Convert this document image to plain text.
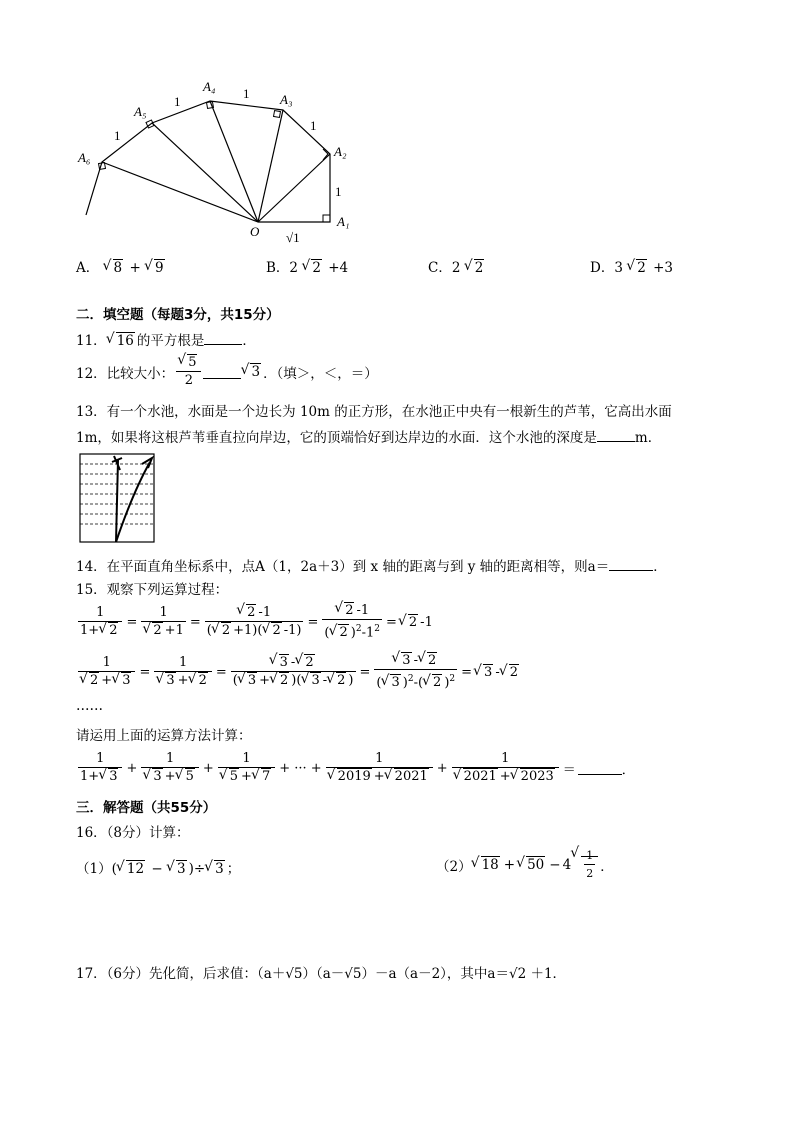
O
A₁
A₂
A₃
A₄
A₅
A₆
√1
1
1
1
1
1
A． √ 8 + √ 9	B．2 √ 2 +4	C．2 √ 2	D．3 √ 2 +3
二．填空题（每题3分，共15分）
11． √ 16 的平方根是	．
12．比较大小： √ $\frac{5}{2}$	√ 3 ．（填＞，＜，＝）
13．有一个水池，水面是一个边长为 10m 的正方形，在水池正中央有一根新生的芦苇，它高出水面
1m，如果将这根芦苇垂直拉向岸边，它的顶端恰好到达岸边的水面．这个水池的深度是	m．
14．在平面直角坐标系中，点A（1，2a＋3）到 x 轴的距离与到 y 轴的距离相等，则a＝	．
15．观察下列运算过程：
$\frac{1}{1+ √ 2} = 1$
√ 2 +1 = √ $\frac{2 -1}{( √ 2 +1)( √ 2 -1)}$ = √ $\frac{2 -1}{( √ 2 )^2-1^2}$ = √ 2 -1
1
√ 2 + √ 3 = 1
√ 3 + √ 2 = √ $\frac{3 - √ 2}{( √ 3 + √ 2 )( √ 3 - √ 2 )}$ = √ $\frac{3 - √ 2}{( √ 3 )^2-( √ 2 )^2}$ = √ 3 - √ 2
……
请运用上面的运算方法计算：
$\frac{1}{1+ √ 3} + 1$
√ 3 + √ 5 + 1
√ 5 + √ 7 + ··· + 1
√ 2019 + √ 2021 + 1
√ 2021 + √ 2023 ＝	．
三．解答题（共55分）
16．（8分）计算：
（1）( √ 12 − √ 3 )÷ √ 3 ；	（2） √ 18 + √ 50 − 4 √ $\frac{1}{2}$ ．
17．（6分）先化简，后求值：（a＋√5）（a－√5）－a（a－2），其中a＝√2 ＋1．
